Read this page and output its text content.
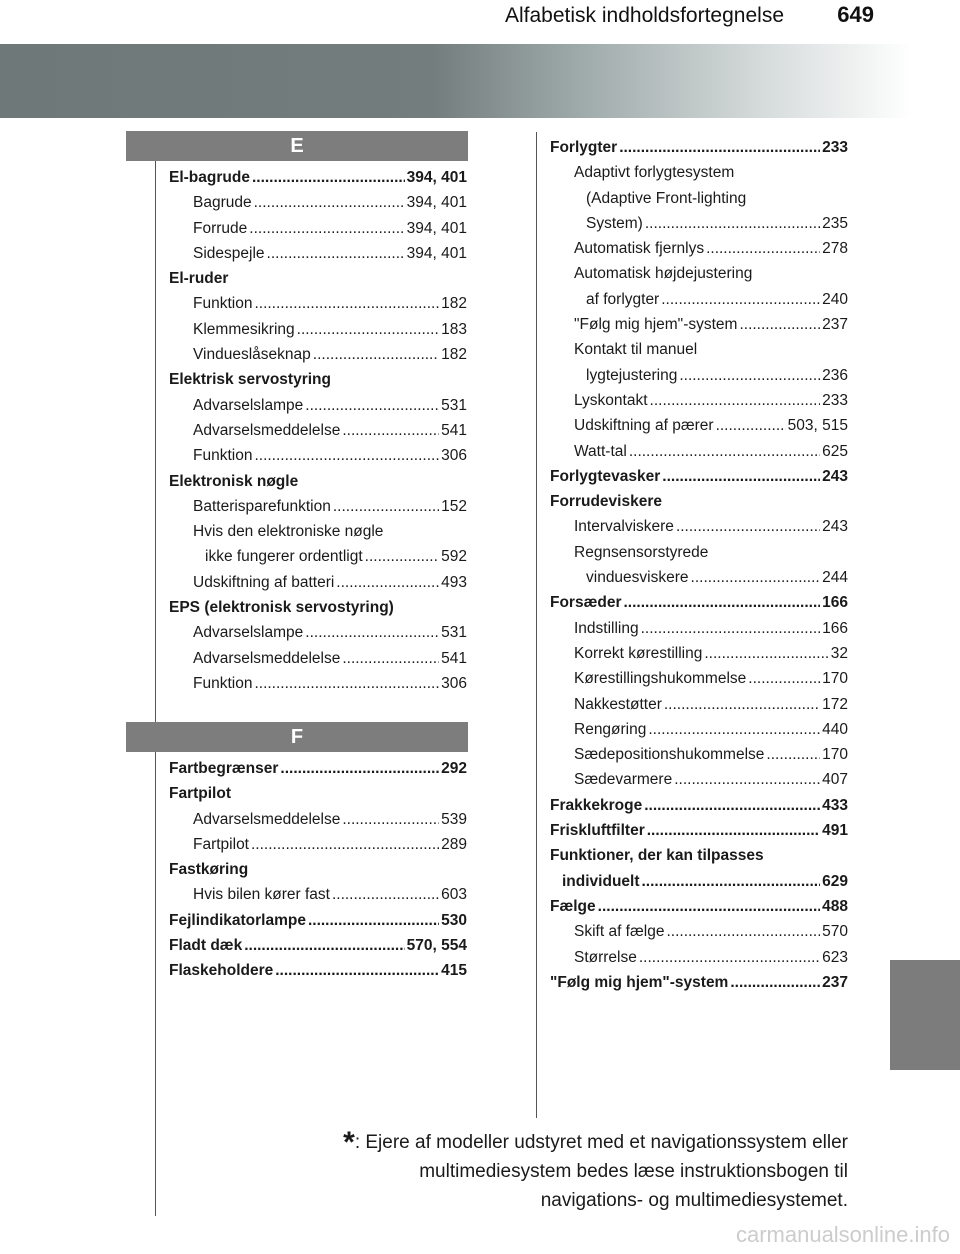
Alfabetisk indholdsfortegnelse 649
E
El-bagrude .....	394, 401
Bagrude .....	394, 401
Forrude .....	394, 401
Sidespejle .....	394, 401
El-ruder
Funktion .....	182
Klemmesikring .....	183
Vindueslåseknap .....	182
Elektrisk servostyring
Advarselslampe .....	531
Advarselsmeddelelse .....	541
Funktion .....	306
Elektronisk nøgle
Batterisparefunktion .....	152
Hvis den elektroniske nøgle
ikke fungerer ordentligt .....	592
Udskiftning af batteri .....	493
EPS (elektronisk servostyring)
Advarselslampe .....	531
Advarselsmeddelelse .....	541
Funktion .....	306
F
Fartbegrænser .....	292
Fartpilot
Advarselsmeddelelse .....	539
Fartpilot .....	289
Fastkøring
Hvis bilen kører fast .....	603
Fejlindikatorlampe .....	530
Fladt dæk .....	570, 554
Flaskeholdere .....	415
Forlygter .....	233
Adaptivt forlygtesystem
(Adaptive Front-lighting
System) .....	235
Automatisk fjernlys .....	278
Automatisk højdejustering
af forlygter .....	240
"Følg mig hjem"-system .....	237
Kontakt til manuel
lygtejustering .....	236
Lyskontakt .....	233
Udskiftning af pærer .....	503, 515
Watt-tal .....	625
Forlygtevasker .....	243
Forrudeviskere
Intervalviskere .....	243
Regnsensorstyrede
vinduesviskere .....	244
Forsæder .....	166
Indstilling .....	166
Korrekt kørestilling .....	32
Kørestillingshukommelse .....	170
Nakkestøtter .....	172
Rengøring .....	440
Sædepositionshukommelse .....	170
Sædevarmere .....	407
Frakkekroge .....	433
Friskluftfilter .....	491
Funktioner, der kan tilpasses
individuelt .....	629
Fælge .....	488
Skift af fælge .....	570
Størrelse .....	623
"Følg mig hjem"-system .....	237
*: Ejere af modeller udstyret med et navigationssystem eller
multimediesystem bedes læse instruktionsbogen til
navigations- og multimediesystemet.
carmanualsonline.info
